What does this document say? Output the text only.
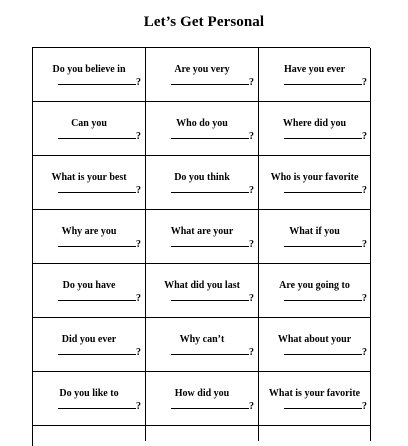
Let’s Get Personal
Do you believe in
?
Are you very
?
Have you ever
?
Can you
?
Who do you
?
Where did you
?
What is your best
?
Do you think
?
Who is your favorite
?
Why are you
?
What are your
?
What if you
?
Do you have
?
What did you last
?
Are you going to
?
Did you ever
?
Why can’t
?
What about your
?
Do you like to
?
How did you
?
What is your favorite
?
